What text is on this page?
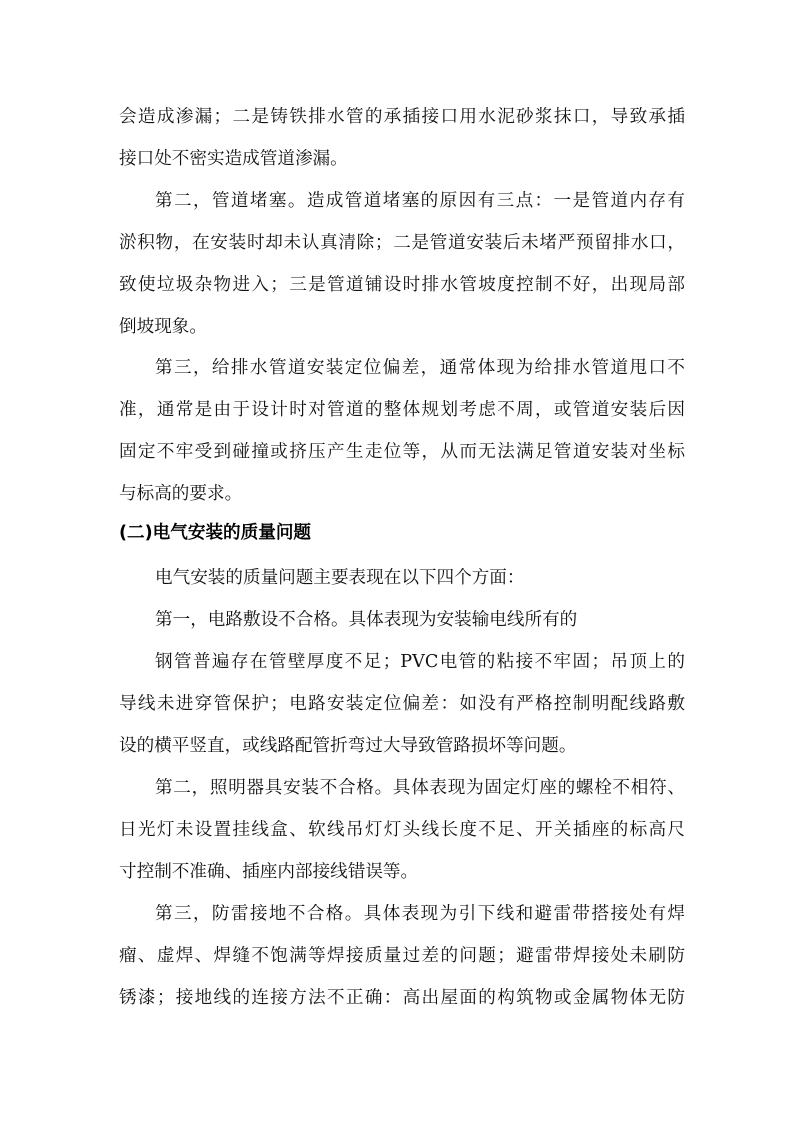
会造成渗漏；二是铸铁排水管的承插接口用水泥砂浆抹口，导致承插
接口处不密实造成管道渗漏。
第二，管道堵塞。造成管道堵塞的原因有三点：一是管道内存有
淤积物，在安装时却未认真清除；二是管道安装后未堵严预留排水口，
致使垃圾杂物进入；三是管道铺设时排水管坡度控制不好，出现局部
倒坡现象。
第三，给排水管道安装定位偏差，通常体现为给排水管道甩口不
准，通常是由于设计时对管道的整体规划考虑不周，或管道安装后因
固定不牢受到碰撞或挤压产生走位等，从而无法满足管道安装对坐标
与标高的要求。
(二)电气安装的质量问题
电气安装的质量问题主要表现在以下四个方面：
第一，电路敷设不合格。具体表现为安装输电线所有的
钢管普遍存在管壁厚度不足；PVC电管的粘接不牢固；吊顶上的
导线未进穿管保护；电路安装定位偏差：如没有严格控制明配线路敷
设的横平竖直，或线路配管折弯过大导致管路损坏等问题。
第二，照明器具安装不合格。具体表现为固定灯座的螺栓不相符、
日光灯未设置挂线盒、软线吊灯灯头线长度不足、开关插座的标高尺
寸控制不准确、插座内部接线错误等。
第三，防雷接地不合格。具体表现为引下线和避雷带搭接处有焊
瘤、虚焊、焊缝不饱满等焊接质量过差的问题；避雷带焊接处未刷防
锈漆；接地线的连接方法不正确：高出屋面的构筑物或金属物体无防
